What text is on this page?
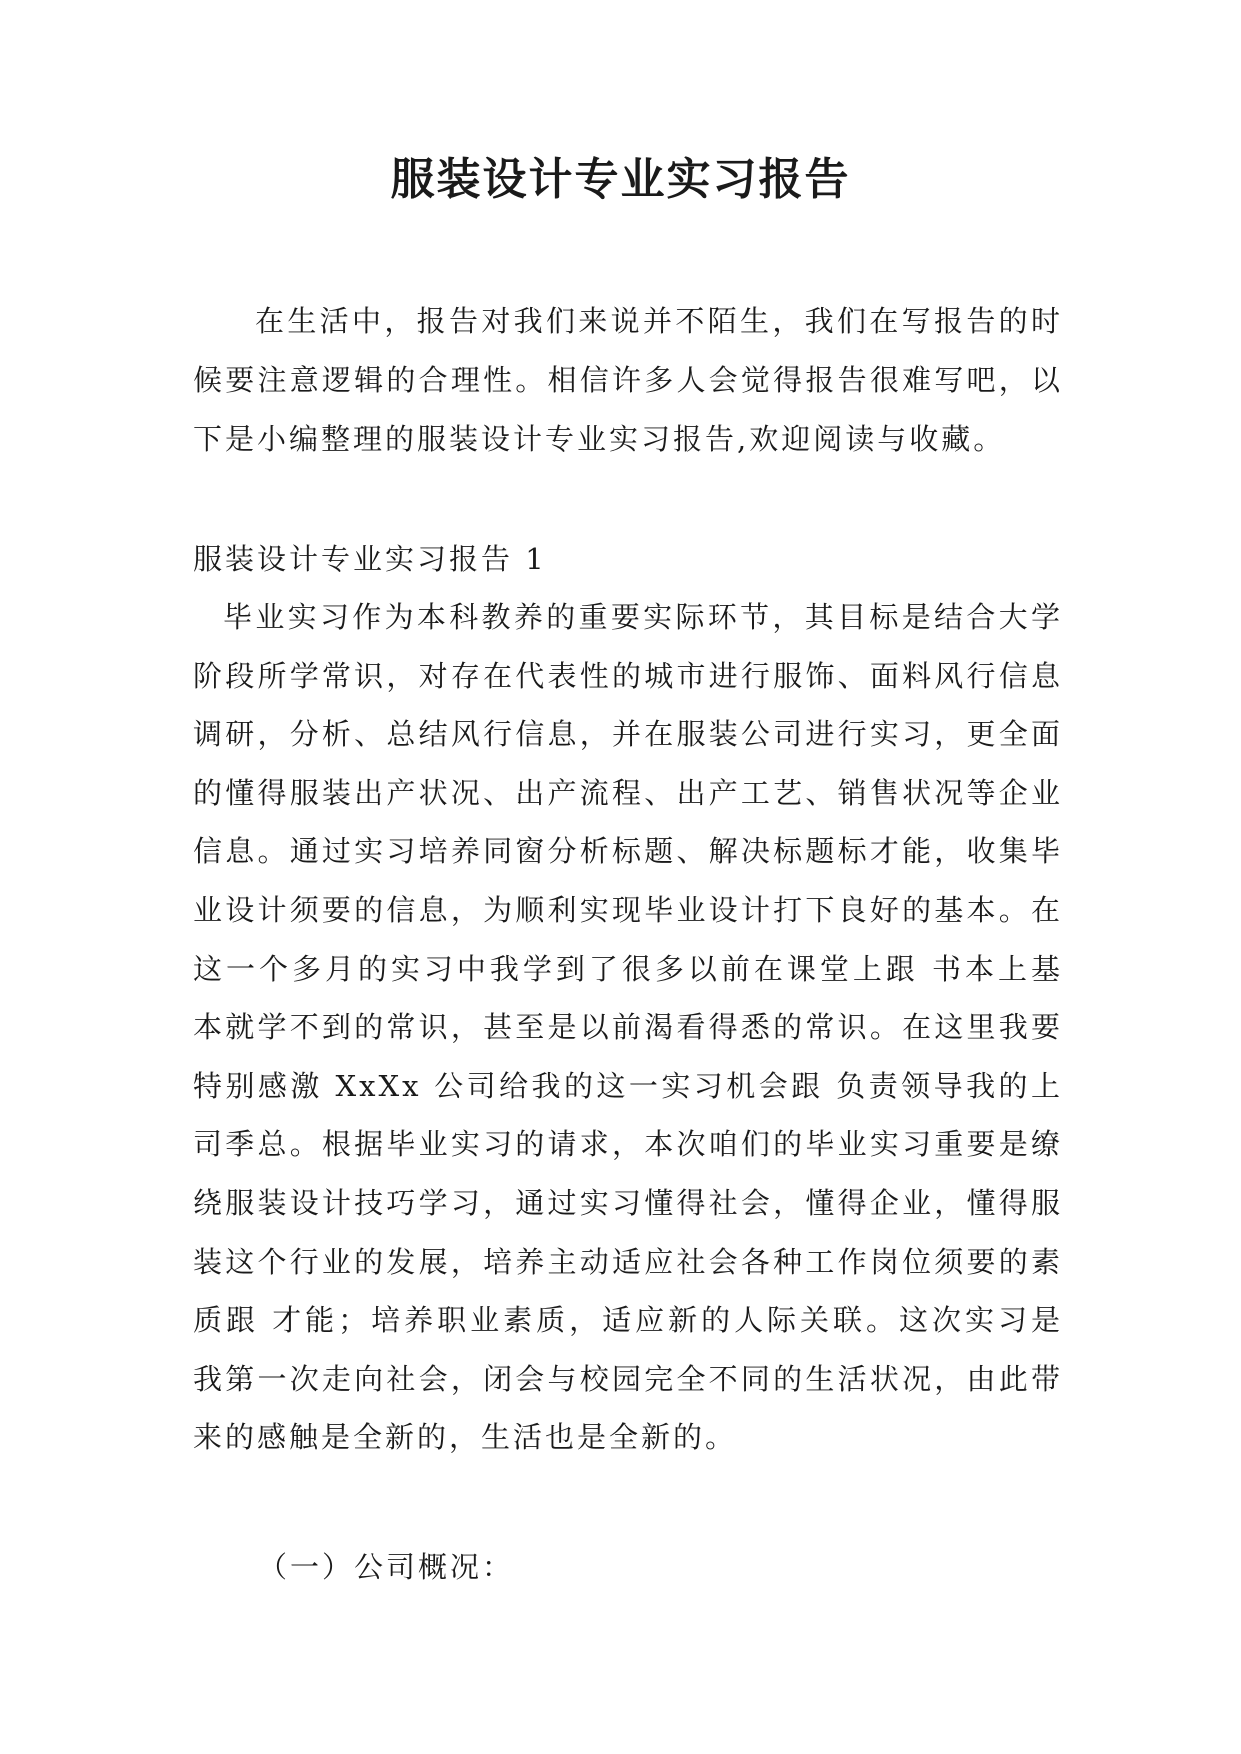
服装设计专业实习报告

在生活中，报告对我们来说并不陌生，我们在写报告的时候要注意逻辑的合理性。相信许多人会觉得报告很难写吧，以下是小编整理的服装设计专业实习报告,欢迎阅读与收藏。

服装设计专业实习报告 1

毕业实习作为本科教养的重要实际环节，其目标是结合大学阶段所学常识，对存在代表性的城市进行服饰、面料风行信息调研，分析、总结风行信息，并在服装公司进行实习，更全面的懂得服装出产状况、出产流程、出产工艺、销售状况等企业信息。通过实习培养同窗分析标题、解决标题标才能，收集毕业设计须要的信息，为顺利实现毕业设计打下良好的基本。在这一个多月的实习中我学到了很多以前在课堂上跟 书本上基本就学不到的常识，甚至是以前渴看得悉的常识。在这里我要特别感激 XxXx 公司给我的这一实习机会跟 负责领导我的上司季总。根据毕业实习的请求，本次咱们的毕业实习重要是缭绕服装设计技巧学习，通过实习懂得社会，懂得企业，懂得服装这个行业的发展，培养主动适应社会各种工作岗位须要的素质跟 才能；培养职业素质，适应新的人际关联。这次实习是我第一次走向社会，闭会与校园完全不同的生活状况，由此带来的感触是全新的，生活也是全新的。

（一）公司概况：
